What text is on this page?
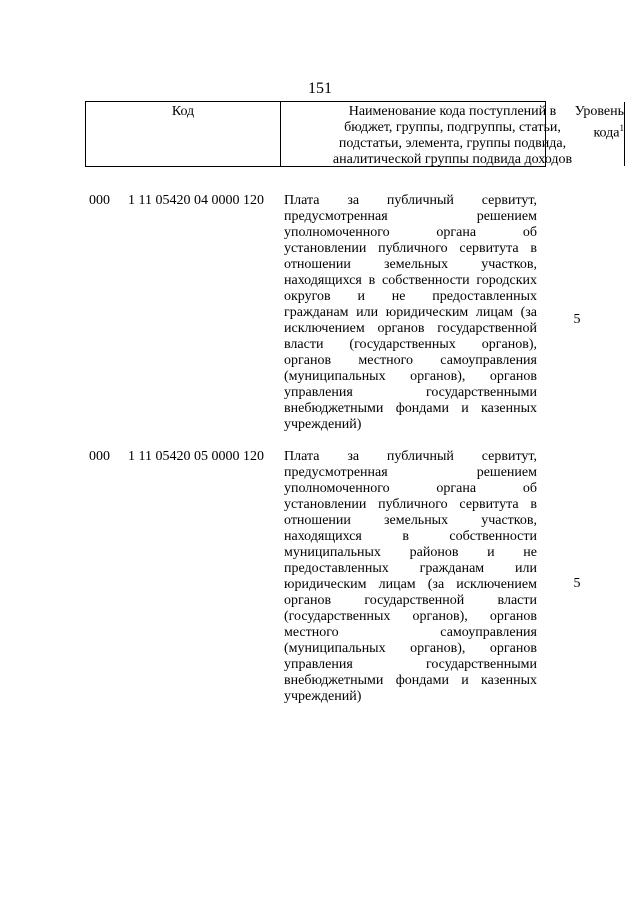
151
Код	Наименование кода поступлений в
бюджет, группы, подгруппы, статьи,
подстатьи, элемента, группы подвида,
аналитической группы подвида доходов
Уровень
кода$^1$
000 1 11 05420 04 0000 120 Плата за публичный сервитут,
предусмотренная решением
уполномоченного органа об
установлении публичного сервитута в
отношении земельных участков,
находящихся в собственности городских
округов и не предоставленных
гражданам или юридическим лицам (за
исключением органов государственной
власти (государственных органов),
органов местного самоуправления
(муниципальных органов), органов
управления государственными
внебюджетными фондами и казенных
учреждений)
5
000 1 11 05420 05 0000 120 Плата за публичный сервитут,
предусмотренная решением
уполномоченного органа об
установлении публичного сервитута в
отношении земельных участков,
находящихся в собственности
муниципальных районов и не
предоставленных гражданам или
юридическим лицам (за исключением
органов государственной власти
(государственных органов), органов
местного самоуправления
(муниципальных органов), органов
управления государственными
внебюджетными фондами и казенных
учреждений)
5
